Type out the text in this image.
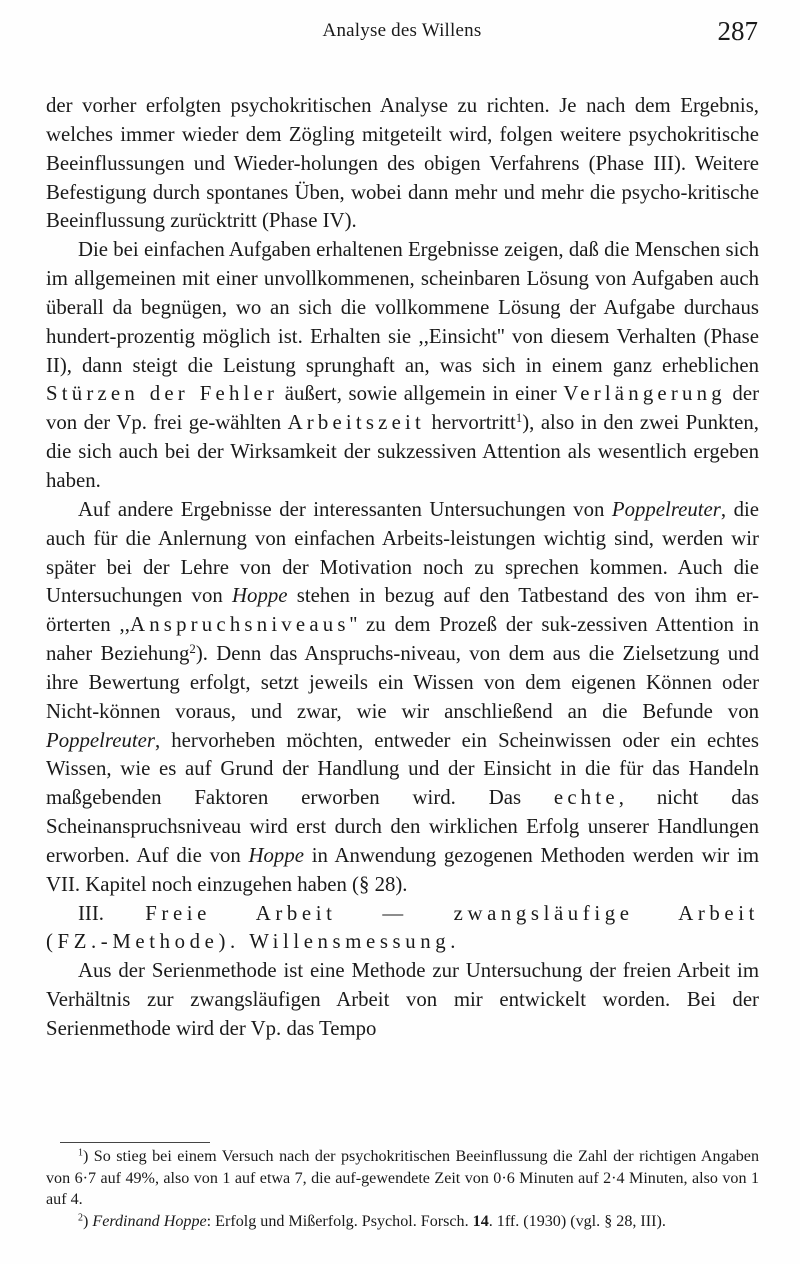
Analyse des Willens	287

der vorher erfolgten psychokritischen Analyse zu richten. Je nach dem Ergebnis, welches immer wieder dem Zögling mitgeteilt wird, folgen weitere psychokritische Beeinflussungen und Wieder-holungen des obigen Verfahrens (Phase III). Weitere Befestigung durch spontanes Üben, wobei dann mehr und mehr die psycho-kritische Beeinflussung zurücktritt (Phase IV).

Die bei einfachen Aufgaben erhaltenen Ergebnisse zeigen, daß die Menschen sich im allgemeinen mit einer unvollkommenen, scheinbaren Lösung von Aufgaben auch überall da begnügen, wo an sich die vollkommene Lösung der Aufgabe durchaus hundert-prozentig möglich ist. Erhalten sie ,,Einsicht'' von diesem Verhalten (Phase II), dann steigt die Leistung sprunghaft an, was sich in einem ganz erheblichen Stürzen der Fehler äußert, sowie allgemein in einer Verlängerung der von der Vp. frei ge-wählten Arbeitszeit hervortritt$^1$), also in den zwei Punkten, die sich auch bei der Wirksamkeit der sukzessiven Attention als wesentlich ergeben haben.

Auf andere Ergebnisse der interessanten Untersuchungen von Poppelreuter, die auch für die Anlernung von einfachen Arbeits-leistungen wichtig sind, werden wir später bei der Lehre von der Motivation noch zu sprechen kommen. Auch die Untersuchungen von Hoppe stehen in bezug auf den Tatbestand des von ihm er-örterten ,,Anspruchsniveaus'' zu dem Prozeß der suk-zessiven Attention in naher Beziehung$^2$). Denn das Anspruchs-niveau, von dem aus die Zielsetzung und ihre Bewertung erfolgt, setzt jeweils ein Wissen von dem eigenen Können oder Nicht-können voraus, und zwar, wie wir anschließend an die Befunde von Poppelreuter, hervorheben möchten, entweder ein Scheinwissen oder ein echtes Wissen, wie es auf Grund der Handlung und der Einsicht in die für das Handeln maßgebenden Faktoren erworben wird. Das echte, nicht das Scheinanspruchsniveau wird erst durch den wirklichen Erfolg unserer Handlungen erworben. Auf die von Hoppe in Anwendung gezogenen Methoden werden wir im VII. Kapitel noch einzugehen haben (§ 28).

III. Freie Arbeit — zwangsläufige Arbeit

(FZ.-Methode). Willensmessung.

Aus der Serienmethode ist eine Methode zur Untersuchung der freien Arbeit im Verhältnis zur zwangsläufigen Arbeit von mir entwickelt worden. Bei der Serienmethode wird der Vp. das Tempo

$^1$) So stieg bei einem Versuch nach der psychokritischen Beeinflussung die Zahl der richtigen Angaben von 6·7 auf 49%, also von 1 auf etwa 7, die auf-gewendete Zeit von 0·6 Minuten auf 2·4 Minuten, also von 1 auf 4.

$^2$) Ferdinand Hoppe: Erfolg und Mißerfolg. Psychol. Forsch. 14. 1ff. (1930) (vgl. § 28, III).
